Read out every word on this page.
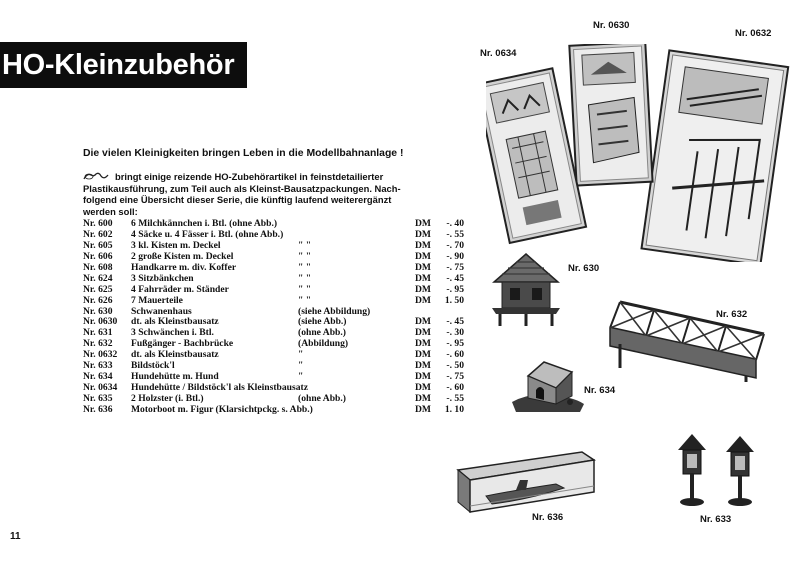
HO-Kleinzubehör
Die vielen Kleinigkeiten bringen Leben in die Modellbahnanlage !
bringt einige reizende HO-Zubehörartikel in feinstdetailierter
Plastikausführung, zum Teil auch als Kleinst-Bausatzpackungen. Nach-
folgend eine Übersicht dieser Serie, die künftig laufend weiterergänzt
werden soll:
Nr. 600 6 Milchkännchen i. Btl. (ohne Abb.)	DM	-. 40
Nr. 602 4 Säcke u. 4 Fässer i. Btl. (ohne Abb.)	DM	-. 55
Nr. 605 3 kl. Kisten m. Deckel	" "	DM	-. 70
Nr. 606 2 große Kisten m. Deckel	" "	DM	-. 90
Nr. 608 Handkarre m. div. Koffer	" "	DM	-. 75
Nr. 624 3 Sitzbänkchen	" "	DM	-. 45
Nr. 625 4 Fahrräder m. Ständer	" "	DM	-. 95
Nr. 626 7 Mauerteile	" "	DM	1. 50
Nr. 630 Schwanenhaus	(siehe Abbildung)
Nr. 0630 dt. als Kleinstbausatz	(siehe Abb.)	DM	-. 45
Nr. 631 3 Schwänchen i. Btl.	(ohne Abb.)	DM	-. 30
Nr. 632 Fußgänger - Bachbrücke	(Abbildung)	DM	-. 95
Nr. 0632 dt. als Kleinstbausatz	"	DM	-. 60
Nr. 633 Bildstöck'l	"	DM	-. 50
Nr. 634 Hundehütte m. Hund	"	DM	-. 75
Nr. 0634 Hundehütte / Bildstöck'l als Kleinstbausatz	DM	-. 60
Nr. 635 2 Holzster (i. Btl.)	(ohne Abb.)	DM	-. 55
Nr. 636 Motorboot m. Figur (Klarsichtpckg. s. Abb.)	DM	1. 10
Nr. 0634
Nr. 0630
Nr. 0632
Nr. 630
Nr. 632
Nr. 634
Nr. 636	Nr. 633
11
